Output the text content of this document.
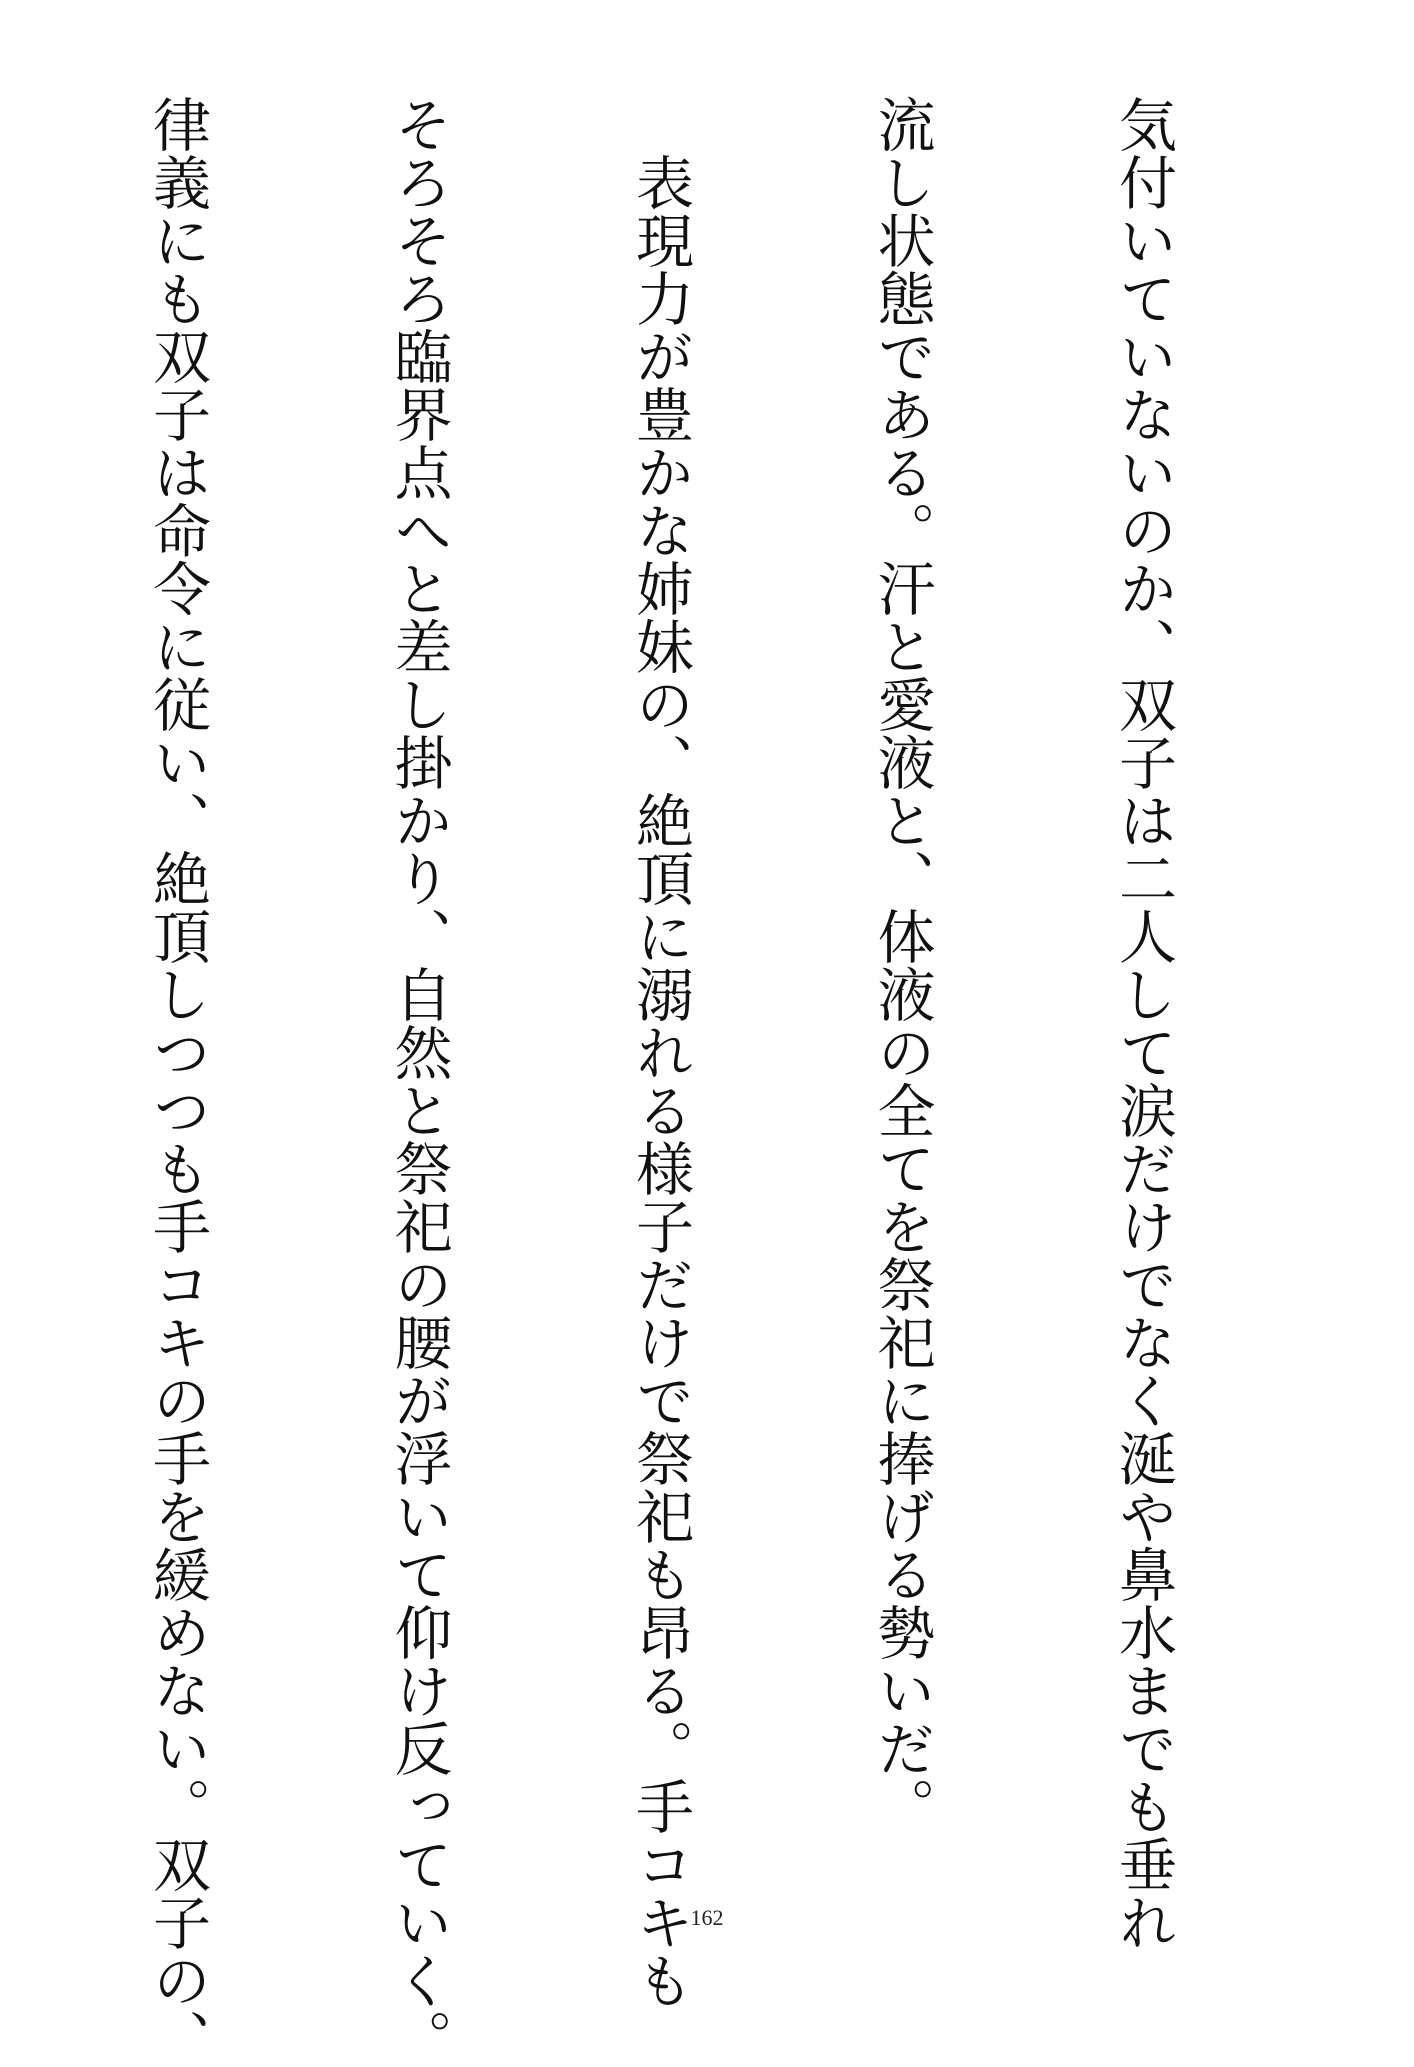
気付いていないのか、双子は二人して涙だけでなく涎や鼻水までも垂れ

流し状態である。汗と愛液と、体液の全てを祭祀に捧げる勢いだ。

　表現力が豊かな姉妹の、絶頂に溺れる様子だけで祭祀も昂る。手コキも

そろそろ臨界点へと差し掛かり、自然と祭祀の腰が浮いて仰け反っていく。

律義にも双子は命令に従い、絶頂しつつも手コキの手を緩めない。双子の、

	162
